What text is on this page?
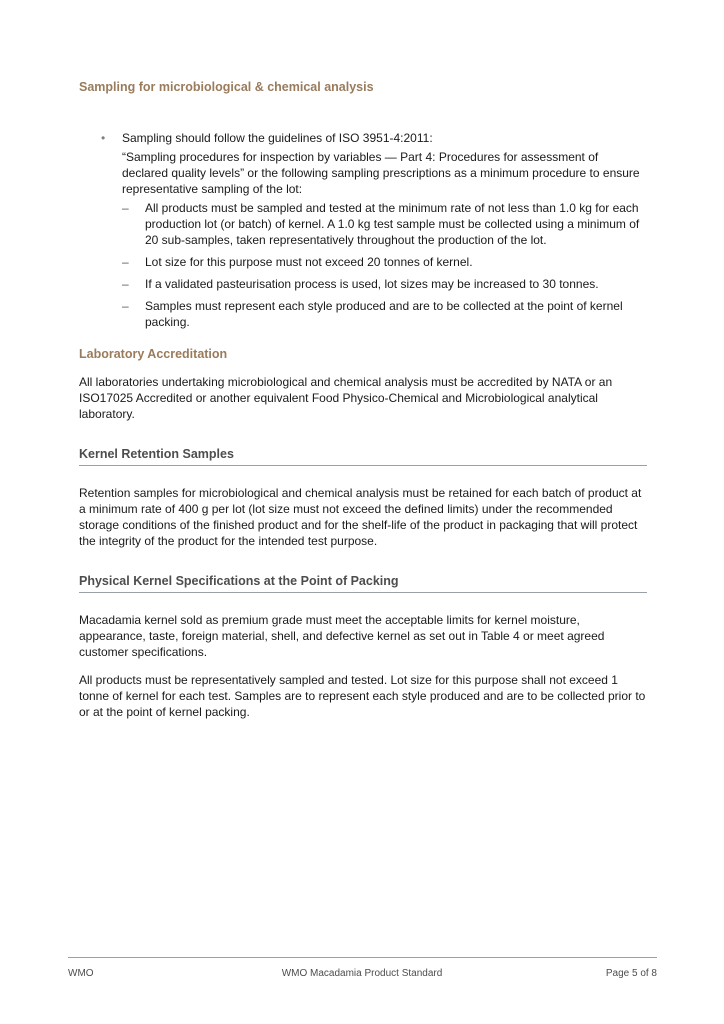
Sampling for microbiological & chemical analysis
• Sampling should follow the guidelines of ISO 3951-4:2011:

“Sampling procedures for inspection by variables — Part 4: Procedures for assessment of declared quality levels” or the following sampling prescriptions as a minimum procedure to ensure representative sampling of the lot:

– All products must be sampled and tested at the minimum rate of not less than 1.0 kg for each production lot (or batch) of kernel. A 1.0 kg test sample must be collected using a minimum of 20 sub-samples, taken representatively throughout the production of the lot.

– Lot size for this purpose must not exceed 20 tonnes of kernel.

– If a validated pasteurisation process is used, lot sizes may be increased to 30 tonnes.

– Samples must represent each style produced and are to be collected at the point of kernel packing.

Laboratory Accreditation

All laboratories undertaking microbiological and chemical analysis must be accredited by NATA or an ISO17025 Accredited or another equivalent Food Physico-Chemical and Microbiological analytical laboratory.

Kernel Retention Samples

Retention samples for microbiological and chemical analysis must be retained for each batch of product at a minimum rate of 400 g per lot (lot size must not exceed the defined limits) under the recommended storage conditions of the finished product and for the shelf-life of the product in packaging that will protect the integrity of the product for the intended test purpose.

Physical Kernel Specifications at the Point of Packing

Macadamia kernel sold as premium grade must meet the acceptable limits for kernel moisture, appearance, taste, foreign material, shell, and defective kernel as set out in Table 4 or meet agreed customer specifications.

All products must be representatively sampled and tested. Lot size for this purpose shall not exceed 1 tonne of kernel for each test. Samples are to represent each style produced and are to be collected prior to or at the point of kernel packing.

WMO	WMO Macadamia Product Standard	Page 5 of 8
